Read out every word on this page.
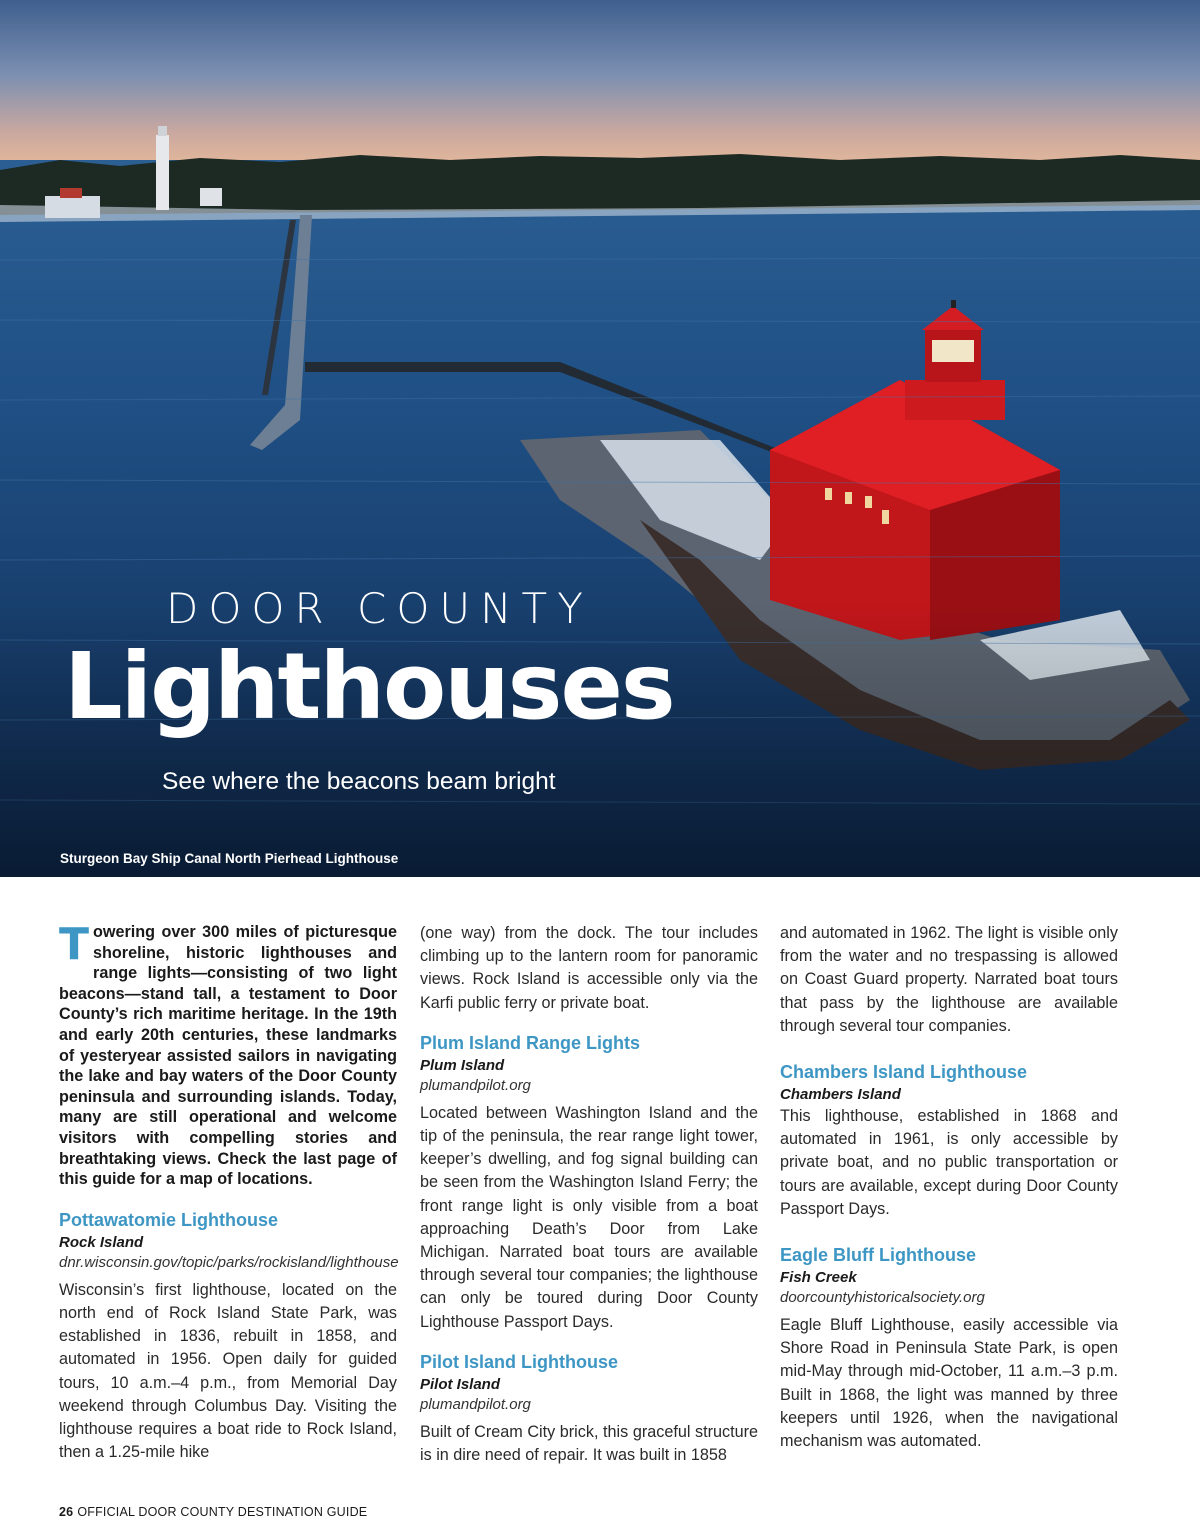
DOOR COUNTY

Lighthouses

See where the beacons beam bright

Sturgeon Bay Ship Canal North Pierhead Lighthouse

Towering over 300 miles of picturesque shoreline, historic lighthouses and range lights—consisting of two light beacons—stand tall, a testament to Door County’s rich maritime heritage. In the 19th and early 20th centuries, these landmarks of yesteryear assisted sailors in navigating the lake and bay waters of the Door County peninsula and surrounding islands. Today, many are still operational and welcome visitors with compelling stories and breathtaking views. Check the last page of this guide for a map of locations.

Pottawatomie Lighthouse

Rock Island

dnr.wisconsin.gov/topic/parks/rockisland/lighthouse

Wisconsin’s first lighthouse, located on the north end of Rock Island State Park, was established in 1836, rebuilt in 1858, and automated in 1956. Open daily for guided tours, 10 a.m.–4 p.m., from Memorial Day weekend through Columbus Day. Visiting the lighthouse requires a boat ride to Rock Island, then a 1.25-mile hike

(one way) from the dock. The tour includes climbing up to the lantern room for panoramic views. Rock Island is accessible only via the Karfi public ferry or private boat.

Plum Island Range Lights

Plum Island

plumandpilot.org

Located between Washington Island and the tip of the peninsula, the rear range light tower, keeper’s dwelling, and fog signal building can be seen from the Washington Island Ferry; the front range light is only visible from a boat approaching Death’s Door from Lake Michigan. Narrated boat tours are available through several tour companies; the lighthouse can only be toured during Door County Lighthouse Passport Days.

Pilot Island Lighthouse

Pilot Island

plumandpilot.org

Built of Cream City brick, this graceful structure is in dire need of repair. It was built in 1858

and automated in 1962. The light is visible only from the water and no trespassing is allowed on Coast Guard property. Narrated boat tours that pass by the lighthouse are available through several tour companies.

Chambers Island Lighthouse

Chambers Island

This lighthouse, established in 1868 and automated in 1961, is only accessible by private boat, and no public transportation or tours are available, except during Door County Passport Days.

Eagle Bluff Lighthouse

Fish Creek

doorcountyhistoricalsociety.org

Eagle Bluff Lighthouse, easily accessible via Shore Road in Peninsula State Park, is open mid-May through mid-October, 11 a.m.–3 p.m. Built in 1868, the light was manned by three keepers until 1926, when the navigational mechanism was automated.

26 OFFICIAL DOOR COUNTY DESTINATION GUIDE
